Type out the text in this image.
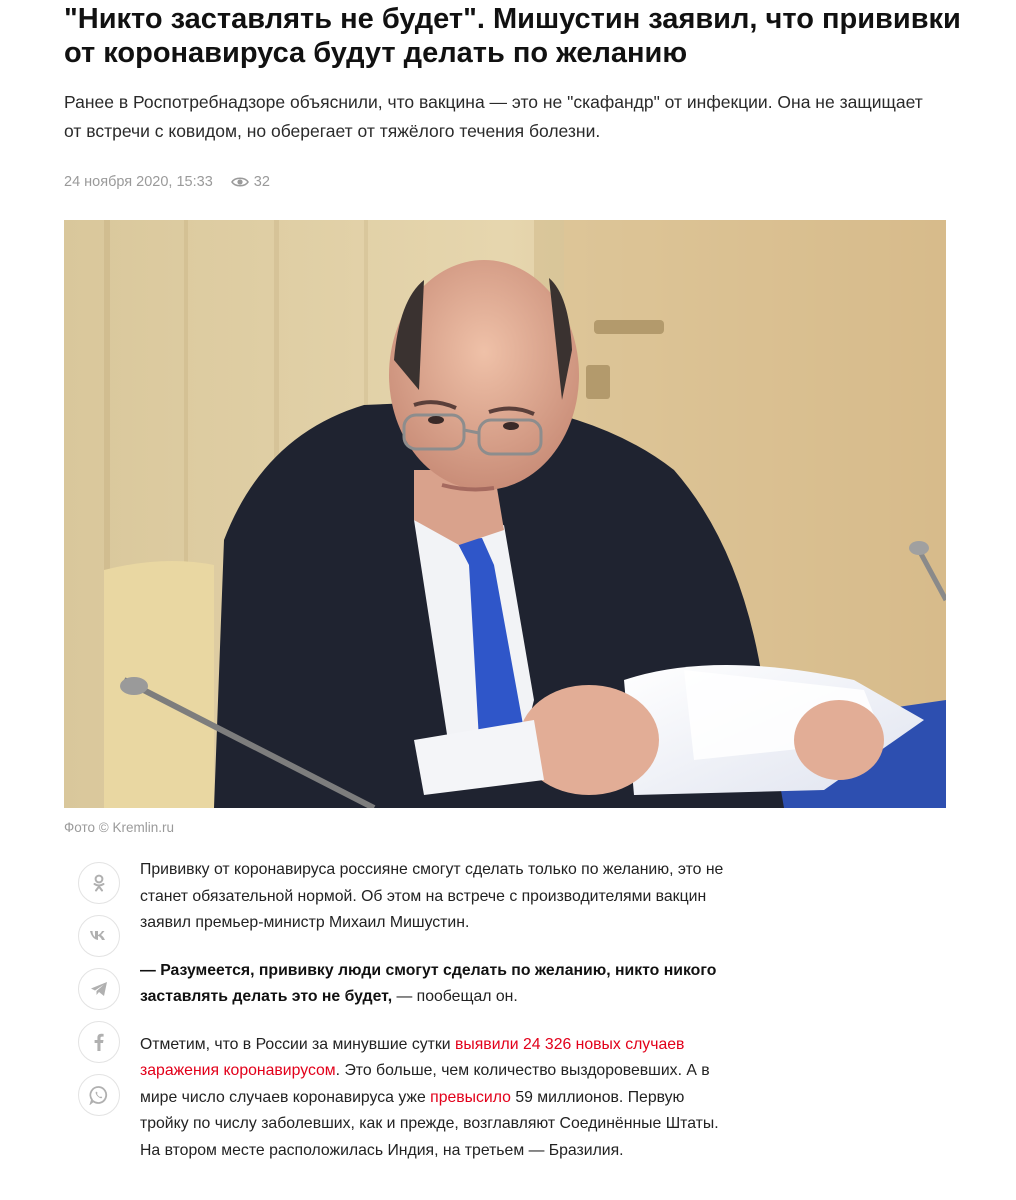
"Никто заставлять не будет". Мишустин заявил, что прививки от коронавируса будут делать по желанию

Ранее в Роспотребнадзоре объяснили, что вакцина — это не "скафандр" от инфекции. Она не защищает от встречи с ковидом, но оберегает от тяжёлого течения болезни.

24 ноября 2020, 15:33	32
Фото © Kremlin.ru

Прививку от коронавируса россияне смогут сделать только по желанию, это не станет обязательной нормой. Об этом на встрече с производителями вакцин заявил премьер-министр Михаил Мишустин.

— Разумеется, прививку люди смогут сделать по желанию, никто никого заставлять делать это не будет, — пообещал он.

Отметим, что в России за минувшие сутки выявили 24 326 новых случаев заражения коронавирусом. Это больше, чем количество выздоровевших. А в мире число случаев коронавируса уже превысило 59 миллионов. Первую тройку по числу заболевших, как и прежде, возглавляют Соединённые Штаты. На втором месте расположилась Индия, на третьем — Бразилия.
